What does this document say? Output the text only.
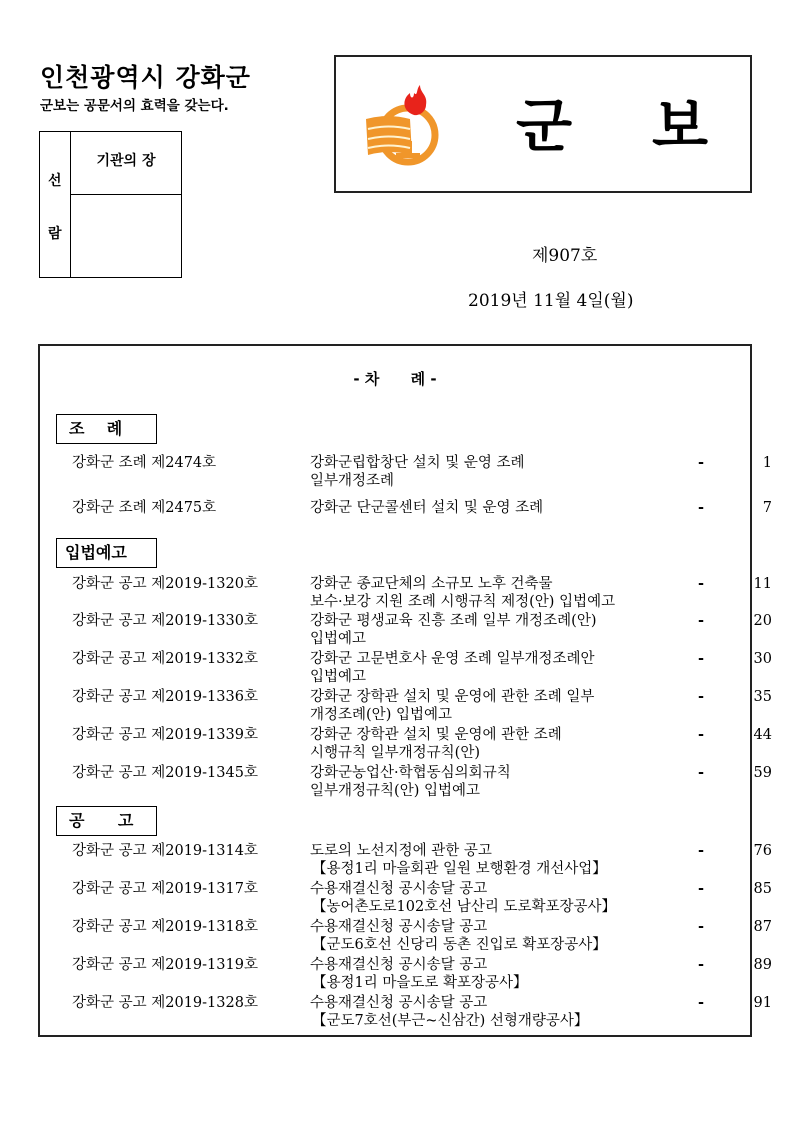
인천광역시 강화군
군보는 공문서의 효력을 갖는다.
선
람
기관의 장
군 보
제907호
2019년 11월 4일(월)
- 차      례 -
조    례
강화군 조례 제2474호	강화군립합창단 설치 및 운영 조례
일부개정조례
-	1
강화군 조례 제2475호	강화군 단군콜센터 설치 및 운영 조례	-	7
입법예고
강화군 공고 제2019-1320호	강화군 종교단체의 소규모 노후 건축물
보수·보강 지원 조례 시행규칙 제정(안) 입법예고
-	11
강화군 공고 제2019-1330호	강화군 평생교육 진흥 조례 일부 개정조례(안)
입법예고
-	20
강화군 공고 제2019-1332호	강화군 고문변호사 운영 조례 일부개정조례안
입법예고
-	30
강화군 공고 제2019-1336호	강화군 장학관 설치 및 운영에 관한 조례 일부
개정조례(안) 입법예고
-	35
강화군 공고 제2019-1339호	강화군 장학관 설치 및 운영에 관한 조례
시행규칙 일부개정규칙(안)
-	44
강화군 공고 제2019-1345호	강화군농업산·학협동심의회규칙
일부개정규칙(안) 입법예고
-	59
공      고
강화군 공고 제2019-1314호	도로의 노선지정에 관한 공고
【용정1리 마을회관 일원 보행환경 개선사업】
-	76
강화군 공고 제2019-1317호	수용재결신청 공시송달 공고
【농어촌도로102호선 남산리 도로확포장공사】
-	85
강화군 공고 제2019-1318호	수용재결신청 공시송달 공고
【군도6호선 신당리 동촌 진입로 확포장공사】
-	87
강화군 공고 제2019-1319호	수용재결신청 공시송달 공고
【용정1리 마을도로 확포장공사】
-	89
강화군 공고 제2019-1328호	수용재결신청 공시송달 공고
【군도7호선(부근~신삼간) 선형개량공사】
-	91
